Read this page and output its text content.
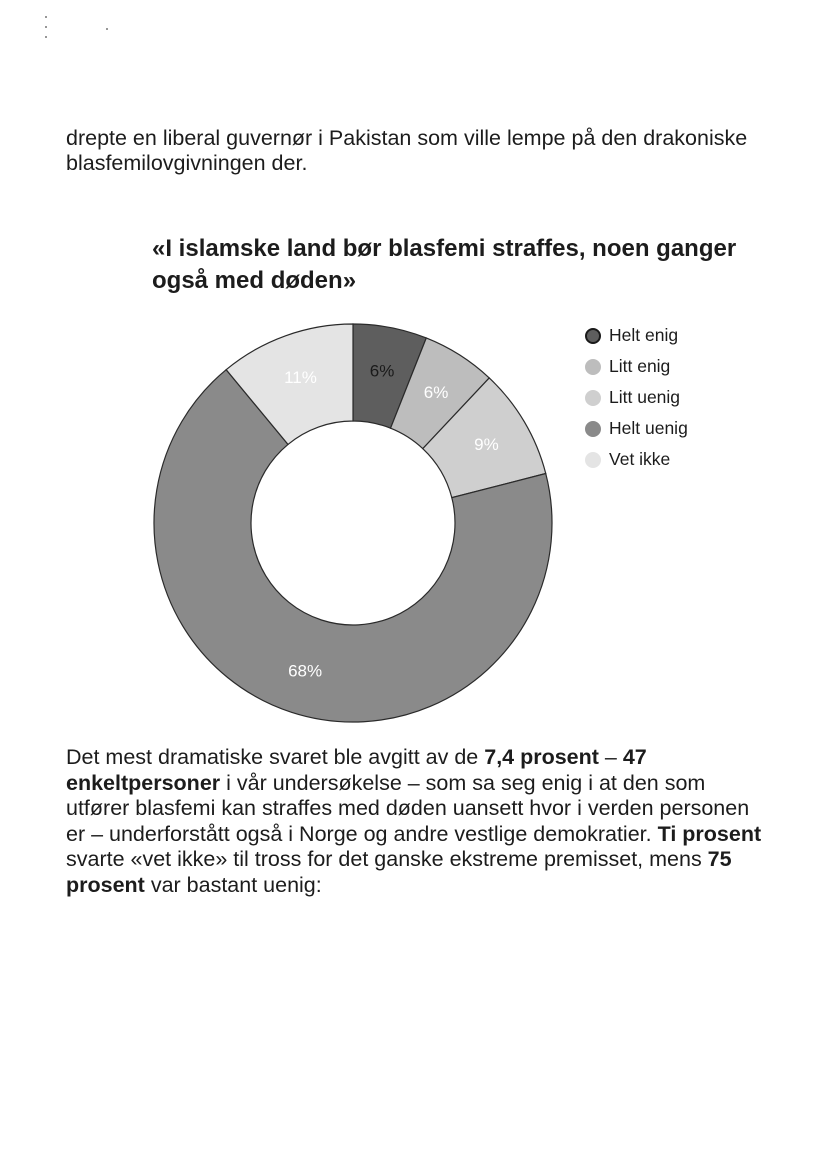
drepte en liberal guvernør i Pakistan som ville lempe på den drakoniske blasfemilovgivningen der.

«I islamske land bør blasfemi straffes, noen ganger også med døden»
6%
6%
9%
68%
11%
Helt enig
Litt enig
Litt uenig
Helt uenig
Vet ikke

Det mest dramatiske svaret ble avgitt av de 7,4 prosent – 47 enkeltpersoner i vår undersøkelse – som sa seg enig i at den som utfører blasfemi kan straffes med døden uansett hvor i verden personen er – underforstått også i Norge og andre vestlige demokratier. Ti prosent svarte «vet ikke» til tross for det ganske ekstreme premisset, mens 75 prosent var bastant uenig:
